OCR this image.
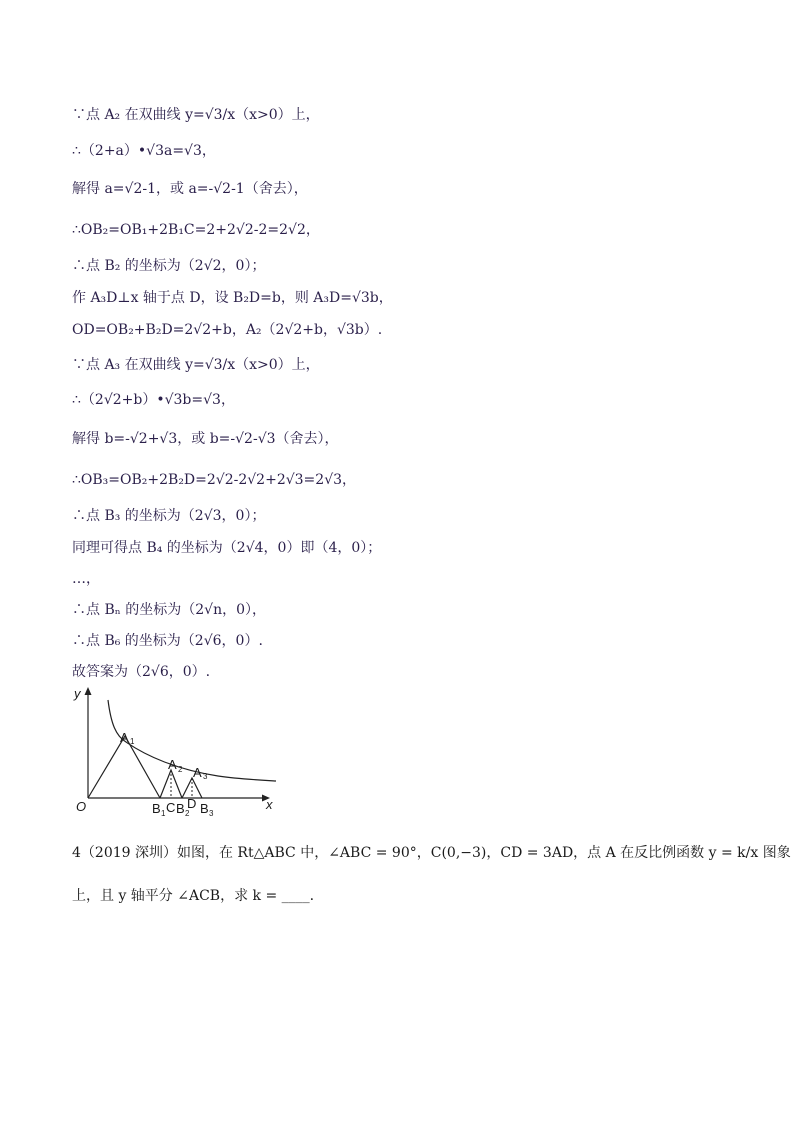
∵点 A₂ 在双曲线 y=√3/x（x>0）上，
∴（2+a）•√3a=√3，
解得 a=√2-1，或 a=-√2-1（舍去），
∴OB₂=OB₁+2B₁C=2+2√2-2=2√2，
∴点 B₂ 的坐标为（2√2，0）；
作 A₃D⊥x 轴于点 D，设 B₂D=b，则 A₃D=√3b，
OD=OB₂+B₂D=2√2+b，A₂（2√2+b，√3b）.
∵点 A₃ 在双曲线 y=√3/x（x>0）上，
∴（2√2+b）•√3b=√3，
解得 b=-√2+√3，或 b=-√2-√3（舍去），
∴OB₃=OB₂+2B₂D=2√2-2√2+2√3=2√3，
∴点 B₃ 的坐标为（2√3，0）；
同理可得点 B₄ 的坐标为（2√4，0）即（4，0）；
…，
∴点 Bₙ 的坐标为（2√n，0），
∴点 B₆ 的坐标为（2√6，0）.
故答案为（2√6，0）.
y
x
O
A 1
A 2 A 3
B 1 C B 2
D B 3
4（2019 深圳）如图，在 Rt△ABC 中，∠ABC = 90°，C(0,−3)，CD = 3AD，点 A 在反比例函数 y = k/x 图象
上，且 y 轴平分 ∠ACB，求 k = ____.
